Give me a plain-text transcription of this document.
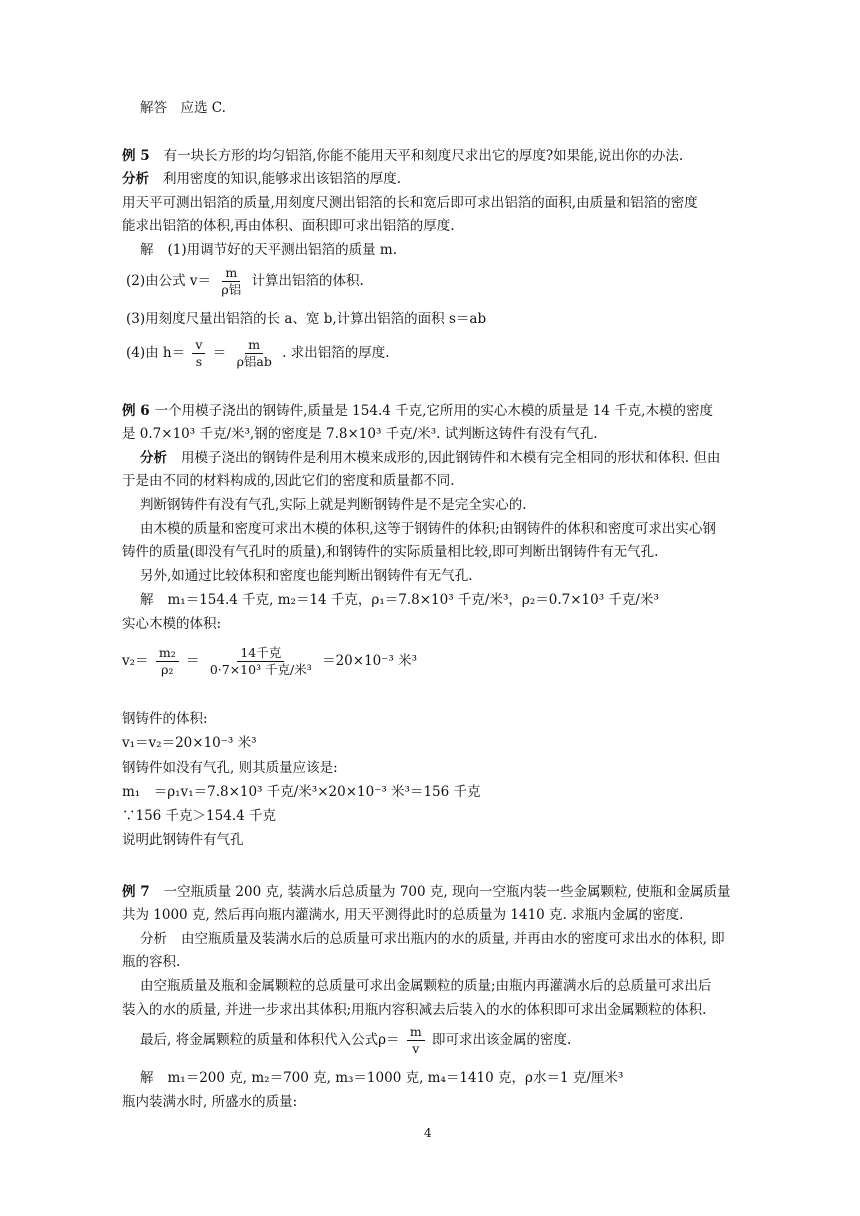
解答　应选 C.
例 5 有一块长方形的均匀铝箔,你能不能用天平和刻度尺求出它的厚度?如果能,说出你的办法.
分析 利用密度的知识,能够求出该铝箔的厚度.
用天平可测出铝箔的质量,用刻度尺测出铝箔的长和宽后即可求出铝箔的面积,由质量和铝箔的密度
能求出铝箔的体积,再由体积、面积即可求出铝箔的厚度.
解 (1)用调节好的天平测出铝箔的质量 m.
(2)由公式 $v= \frac{m}{\text{ρ铝}}$ 计算出铝箔的体积.
(3)用刻度尺量出铝箔的长 a、宽 b,计算出铝箔的面积 s＝ab
(4)由 $h= \frac{v}{s} = \frac{m}{\text{ρ铝ab}}$ . 求出铝箔的厚度.
例 6 一个用模子浇出的钢铸件,质量是 154.4 千克,它所用的实心木模的质量是 14 千克,木模的密度
是 0.7×10³ 千克/米³,钢的密度是 7.8×10³ 千克/米³. 试判断这铸件有没有气孔.
分析 用模子浇出的钢铸件是利用木模来成形的,因此钢铸件和木模有完全相同的形状和体积. 但由
于是由不同的材料构成的,因此它们的密度和质量都不同.
判断钢铸件有没有气孔,实际上就是判断钢铸件是不是完全实心的.
由木模的质量和密度可求出木模的体积,这等于钢铸件的体积;由钢铸件的体积和密度可求出实心钢
铸件的质量(即没有气孔时的质量),和钢铸件的实际质量相比较,即可判断出钢铸件有无气孔.
另外,如通过比较体积和密度也能判断出钢铸件有无气孔.
解 m₁＝154.4 千克, m₂＝14 千克，ρ₁＝7.8×10³ 千克/米³，ρ₂＝0.7×10³ 千克/米³
实心木模的体积:
$v_2= \frac{\text{m₂}}{\text{ρ₂}} = \frac{\text{14千克}}{\text{0·7×10³ 千克/米³}} =20\times 10^{-3}$ 米³
钢铸件的体积:
v₁＝v₂＝20×10⁻³ 米³
钢铸件如没有气孔, 则其质量应该是:
m₁　＝ρ₁v₁＝7.8×10³ 千克/米³×20×10⁻³ 米³＝156 千克
∵156 千克＞154.4 千克
说明此钢铸件有气孔
例 7 一空瓶质量 200 克, 装满水后总质量为 700 克, 现向一空瓶内装一些金属颗粒, 使瓶和金属质量
共为 1000 克, 然后再向瓶内灌满水, 用天平测得此时的总质量为 1410 克. 求瓶内金属的密度.
分析 由空瓶质量及装满水后的总质量可求出瓶内的水的质量, 并再由水的密度可求出水的体积, 即
瓶的容积.
由空瓶质量及瓶和金属颗粒的总质量可求出金属颗粒的质量;由瓶内再灌满水后的总质量可求出后
装入的水的质量, 并进一步求出其体积;用瓶内容积减去后装入的水的体积即可求出金属颗粒的体积.
最后, 将金属颗粒的质量和体积代入公式$\rho= \frac{m}{v}$ 即可求出该金属的密度.
解 m₁＝200 克, m₂＝700 克, m₃＝1000 克, m₄＝1410 克，ρ水＝1 克/厘米³
瓶内装满水时, 所盛水的质量:
4
